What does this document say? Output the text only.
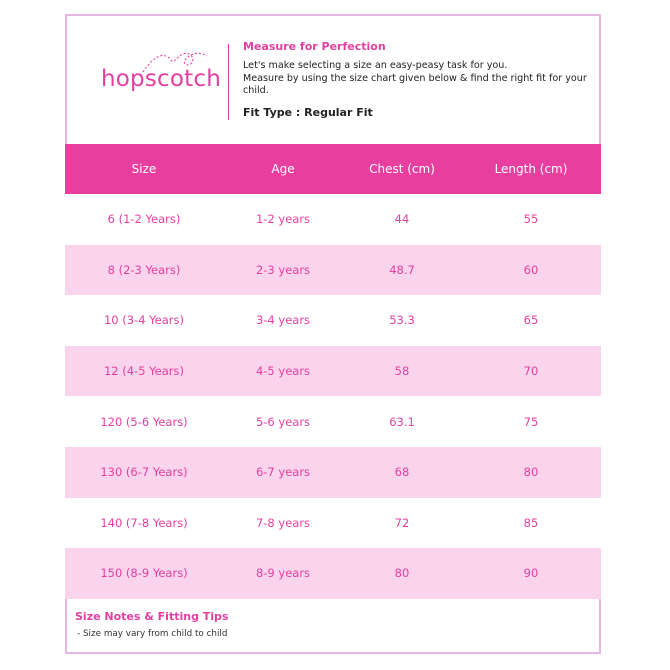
hopscotch
Measure for Perfection
Let's make selecting a size an easy-peasy task for you.
Measure by using the size chart given below & find the right fit for your child.
Fit Type : Regular Fit
Size	Age	Chest (cm)	Length (cm)
6 (1-2 Years)	1-2 years	44	55
8 (2-3 Years)	2-3 years	48.7	60
10 (3-4 Years)	3-4 years	53.3	65
12 (4-5 Years)	4-5 years	58	70
120 (5-6 Years)	5-6 years	63.1	75
130 (6-7 Years)	6-7 years	68	80
140 (7-8 Years)	7-8 years	72	85
150 (8-9 Years)	8-9 years	80	90
Size Notes & Fitting Tips
- Size may vary from child to child
